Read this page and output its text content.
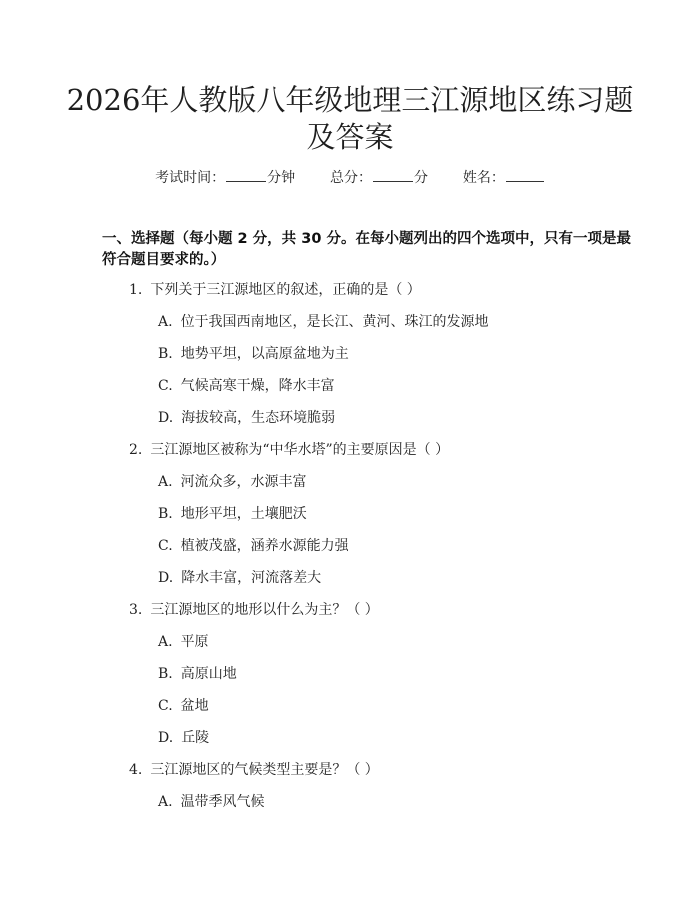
2026年人教版八年级地理三江源地区练习题
及答案
考试时间：	分钟 总分：	分 姓名：
一、选择题（每小题 2 分，共 30 分。在每小题列出的四个选项中，只有一项是最
符合题目要求的。）
1. 下列关于三江源地区的叙述，正确的是（ ）
A. 位于我国西南地区，是长江、黄河、珠江的发源地
B. 地势平坦，以高原盆地为主
C. 气候高寒干燥，降水丰富
D. 海拔较高，生态环境脆弱
2. 三江源地区被称为“中华水塔”的主要原因是（ ）
A. 河流众多，水源丰富
B. 地形平坦，土壤肥沃
C. 植被茂盛，涵养水源能力强
D. 降水丰富，河流落差大
3. 三江源地区的地形以什么为主？（ ）
A. 平原
B. 高原山地
C. 盆地
D. 丘陵
4. 三江源地区的气候类型主要是？（ ）
A. 温带季风气候
